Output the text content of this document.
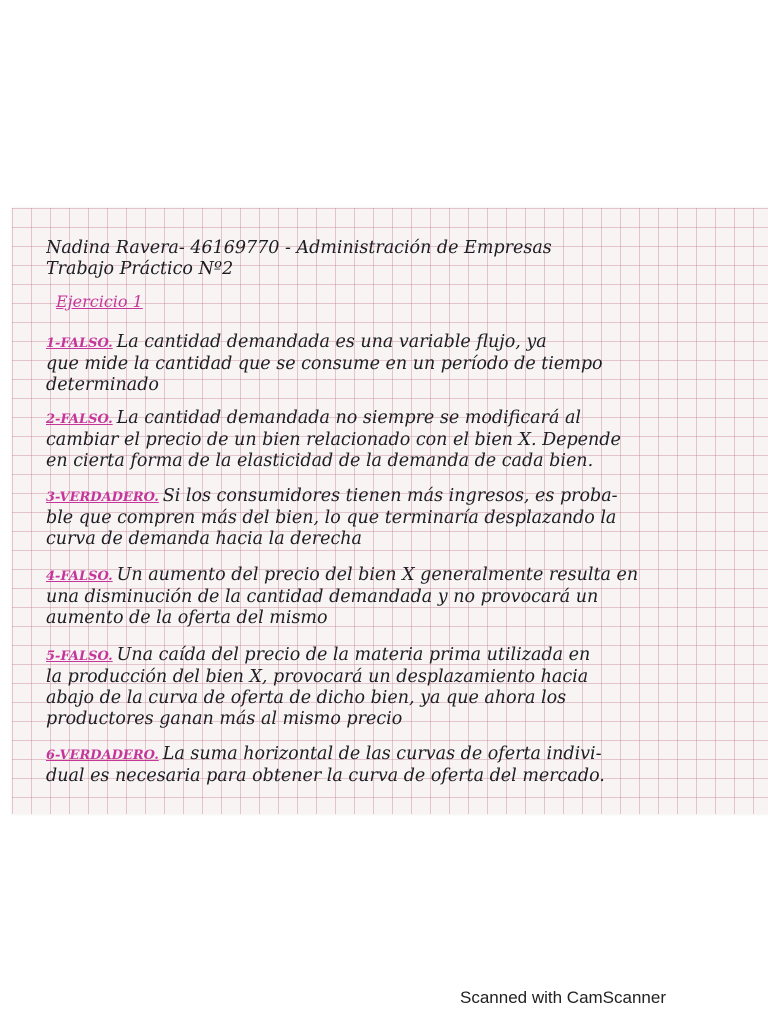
Nadina Ravera- 46169770 - Administración de Empresas
Trabajo Práctico Nº2
Ejercicio 1
1-FALSO. La cantidad demandada es una variable flujo, ya
que mide la cantidad que se consume en un período de tiempo
determinado
2-FALSO. La cantidad demandada no siempre se modificará al
cambiar el precio de un bien relacionado con el bien X. Depende
en cierta forma de la elasticidad de la demanda de cada bien.
3-VERDADERO. Si los consumidores tienen más ingresos, es proba-
ble que compren más del bien, lo que terminaría desplazando la
curva de demanda hacia la derecha
4-FALSO. Un aumento del precio del bien X generalmente resulta en
una disminución de la cantidad demandada y no provocará un
aumento de la oferta del mismo
5-FALSO. Una caída del precio de la materia prima utilizada en
la producción del bien X, provocará un desplazamiento hacia
abajo de la curva de oferta de dicho bien, ya que ahora los
productores ganan más al mismo precio
6-VERDADERO. La suma horizontal de las curvas de oferta indivi-
dual es necesaria para obtener la curva de oferta del mercado.
Scanned with CamScanner
